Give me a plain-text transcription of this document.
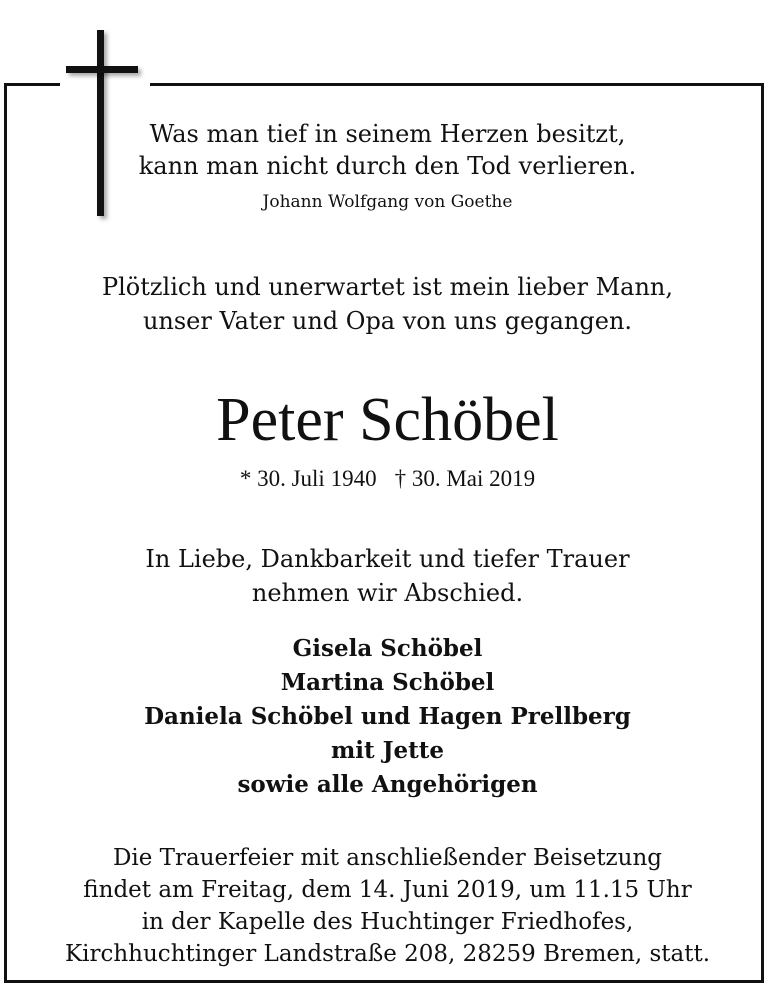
Was man tief in seinem Herzen besitzt,
kann man nicht durch den Tod verlieren.
Johann Wolfgang von Goethe
Plötzlich und unerwartet ist mein lieber Mann,
unser Vater und Opa von uns gegangen.
Peter Schöbel
* 30. Juli 1940 † 30. Mai 2019
In Liebe, Dankbarkeit und tiefer Trauer
nehmen wir Abschied.
Gisela Schöbel
Martina Schöbel
Daniela Schöbel und Hagen Prellberg
mit Jette
sowie alle Angehörigen
Die Trauerfeier mit anschließender Beisetzung
findet am Freitag, dem 14. Juni 2019, um 11.15 Uhr
in der Kapelle des Huchtinger Friedhofes,
Kirchhuchtinger Landstraße 208, 28259 Bremen, statt.
